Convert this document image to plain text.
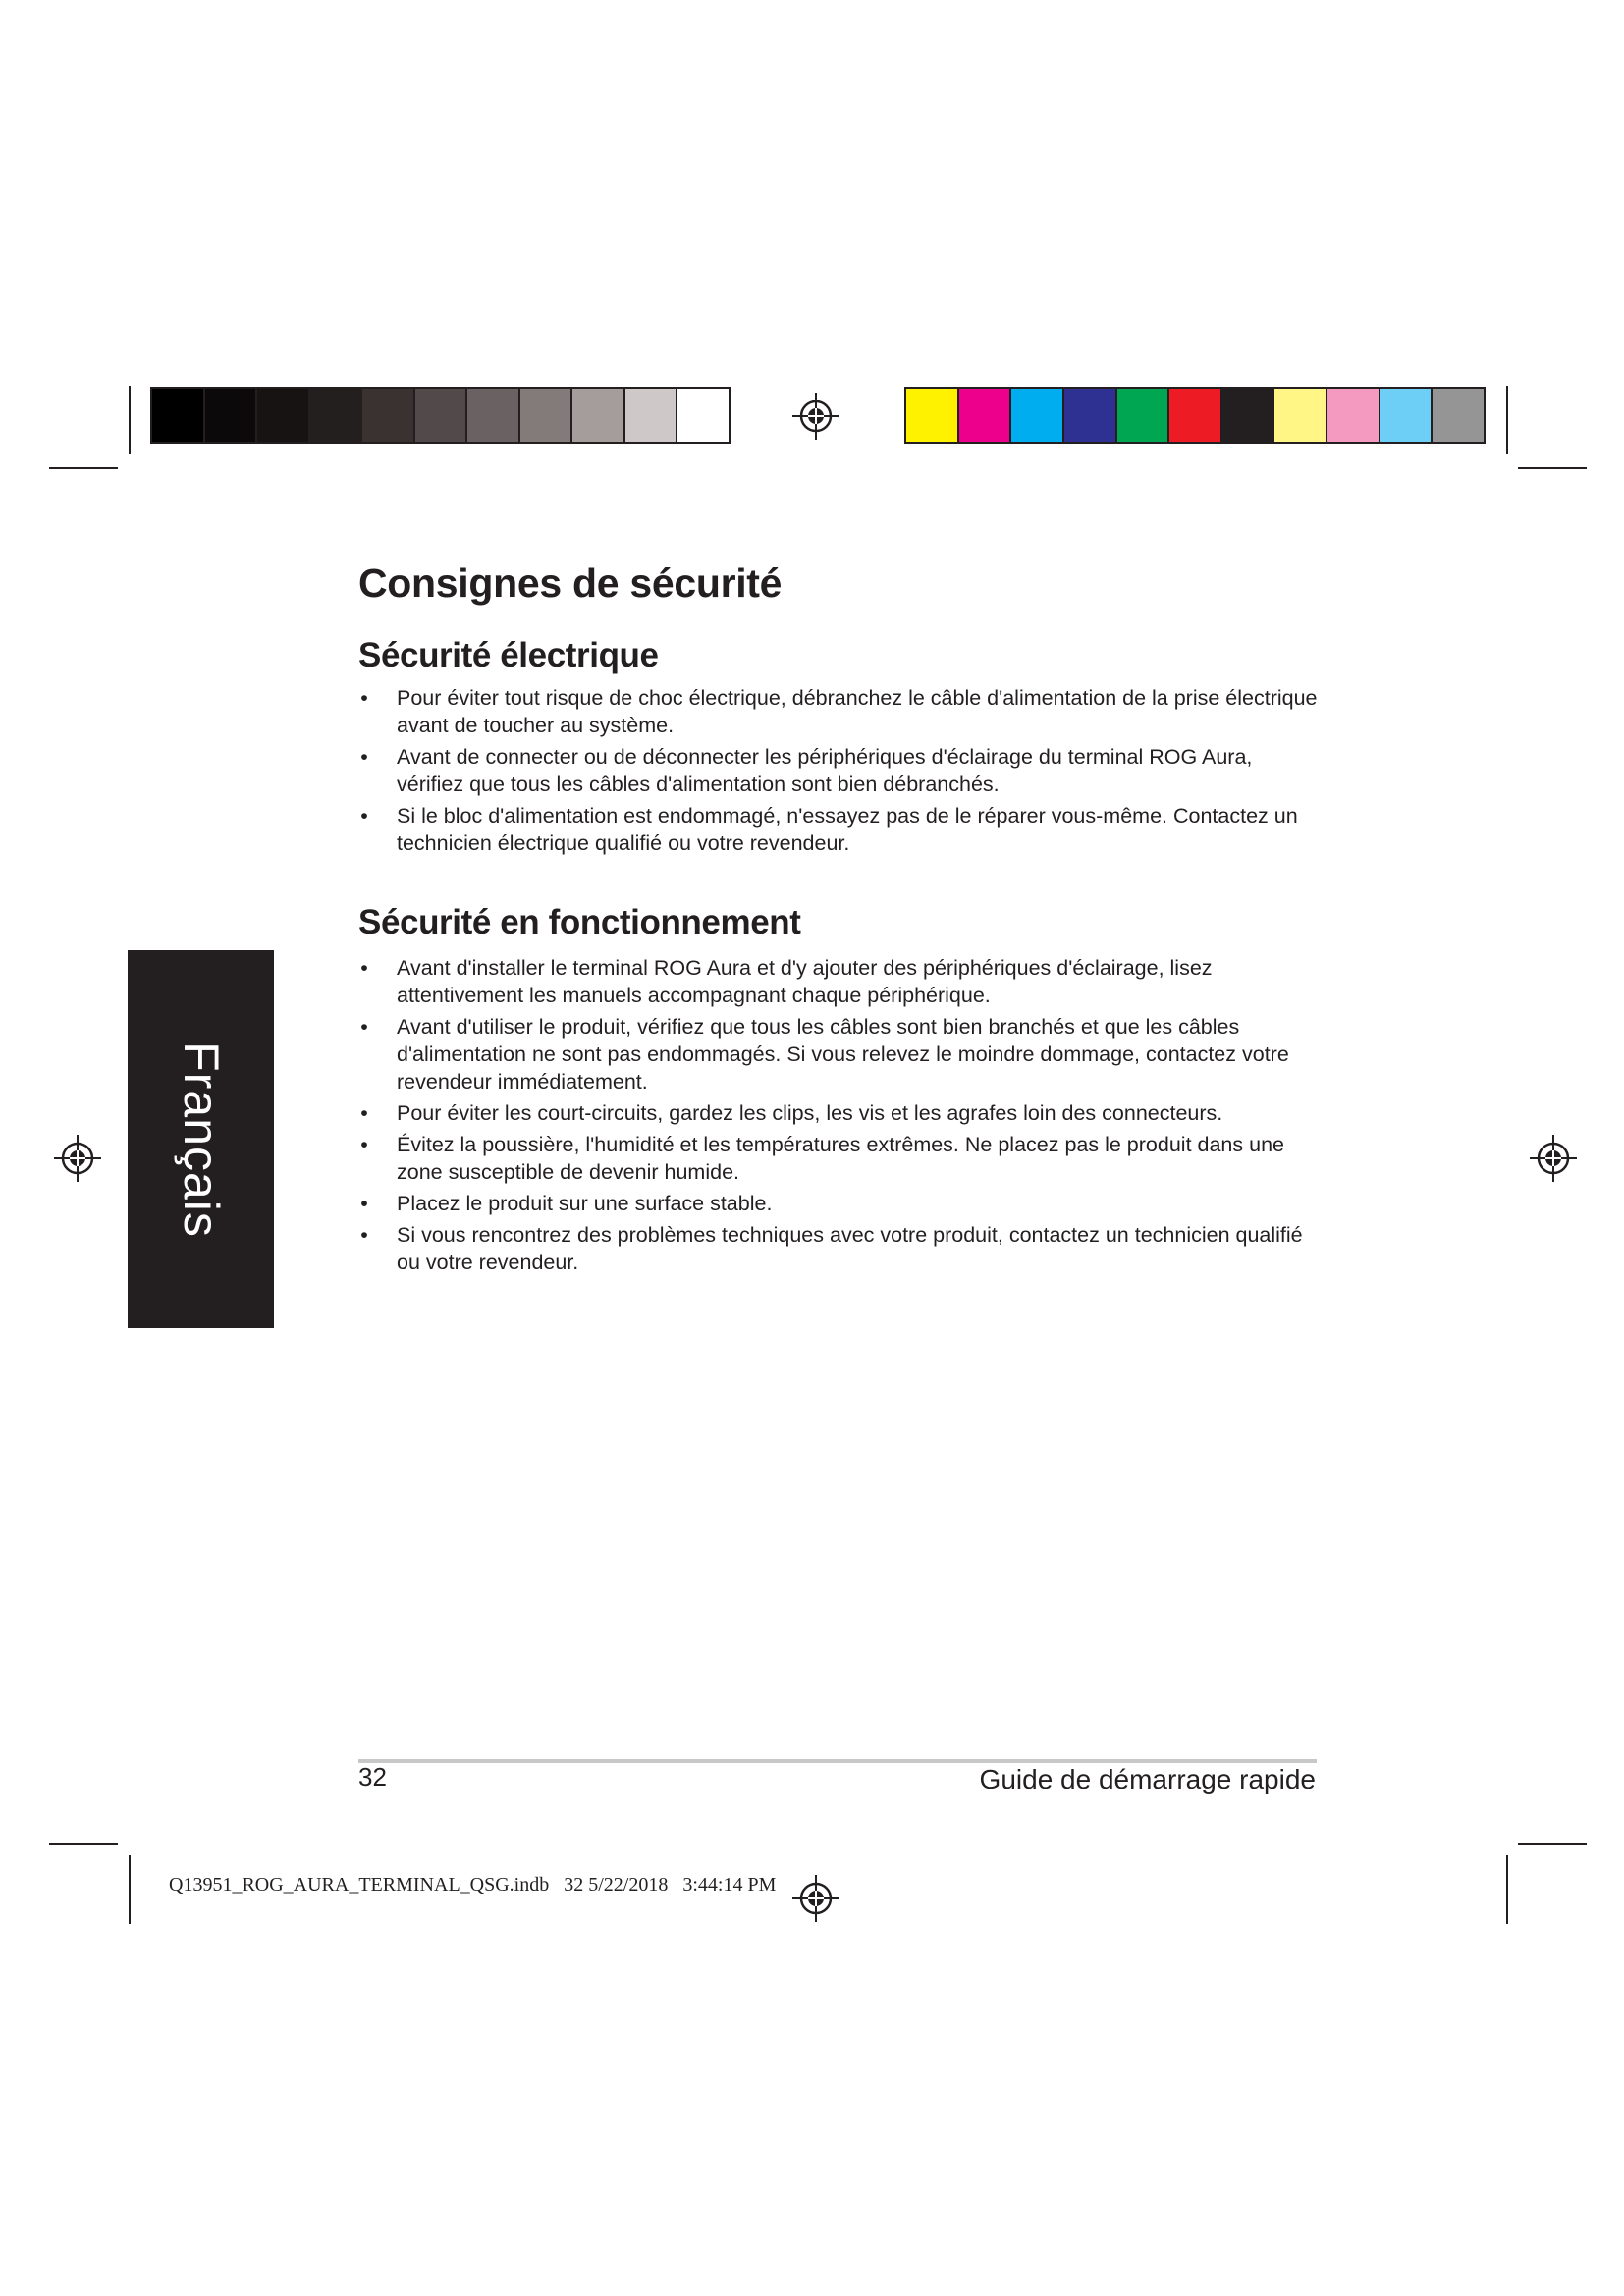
Consignes de sécurité
Sécurité électrique
• Pour éviter tout risque de choc électrique, débranchez le câble d'alimentation de la prise électrique avant de toucher au système.
• Avant de connecter ou de déconnecter les périphériques d'éclairage du terminal ROG Aura, vérifiez que tous les câbles d'alimentation sont bien débranchés.
• Si le bloc d'alimentation est endommagé, n'essayez pas de le réparer vous-même. Contactez un technicien électrique qualifié ou votre revendeur.
Sécurité en fonctionnement
• Avant d'installer le terminal ROG Aura et d'y ajouter des périphériques d'éclairage, lisez attentivement les manuels accompagnant chaque périphérique.
• Avant d'utiliser le produit, vérifiez que tous les câbles sont bien branchés et que les câbles d'alimentation ne sont pas endommagés. Si vous relevez le moindre dommage, contactez votre revendeur immédiatement.
• Pour éviter les court-circuits, gardez les clips, les vis et les agrafes loin des connecteurs.
• Évitez la poussière, l'humidité et les températures extrêmes. Ne placez pas le produit dans une zone susceptible de devenir humide.
• Placez le produit sur une surface stable.
• Si vous rencontrez des problèmes techniques avec votre produit, contactez un technicien qualifié ou votre revendeur.
Français
32	Guide de démarrage rapide
Q13951_ROG_AURA_TERMINAL_QSG.indb   32 5/22/2018   3:44:14 PM
